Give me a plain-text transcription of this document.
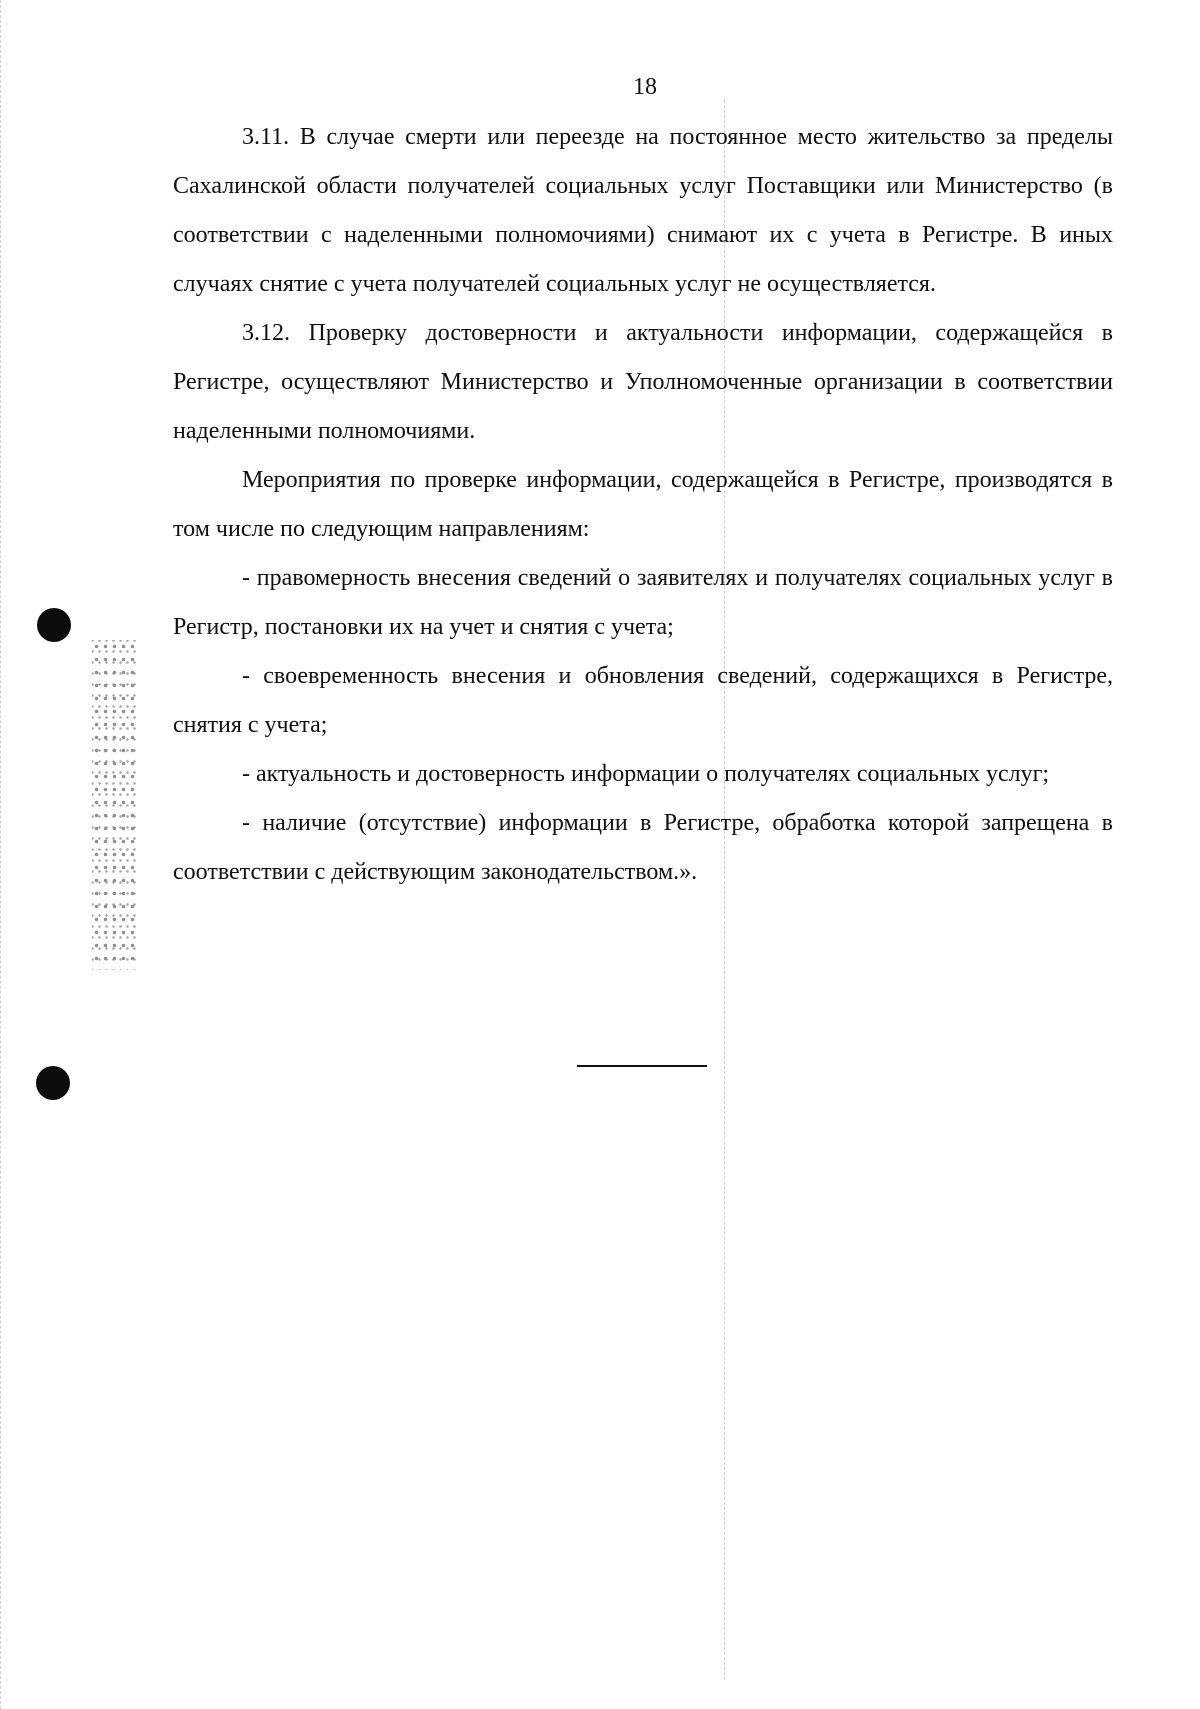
18

3.11. В случае смерти или переезде на постоянное место жительство за пределы Сахалинской области получателей социальных услуг Поставщики или Министерство (в соответствии с наделенными полномочиями) снимают их с учета в Регистре. В иных случаях снятие с учета получателей социальных услуг не осуществляется.

3.12. Проверку достоверности и актуальности информации, содержащейся в Регистре, осуществляют Министерство и Уполномоченные организации в соответствии наделенными полномочиями.

Мероприятия по проверке информации, содержащейся в Регистре, производятся в том числе по следующим направлениям:

- правомерность внесения сведений о заявителях и получателях социальных услуг в Регистр, постановки их на учет и снятия с учета;

- своевременность внесения и обновления сведений, содержащихся в Регистре, снятия с учета;

- актуальность и достоверность информации о получателях социальных услуг;

- наличие (отсутствие) информации в Регистре, обработка которой запрещена в соответствии с действующим законодательством.».
